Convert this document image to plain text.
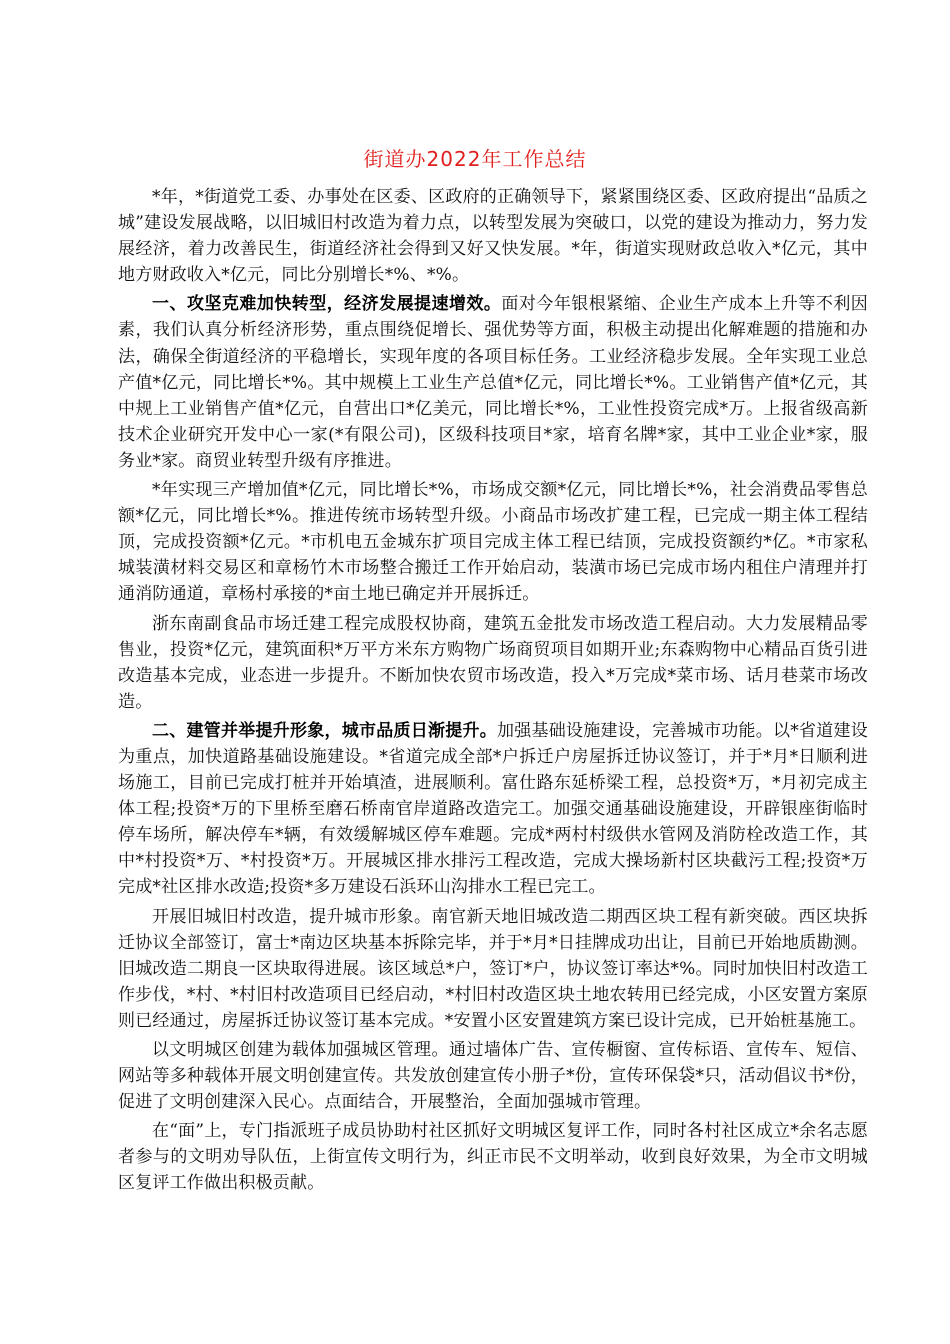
街道办2022年工作总结

*年，*街道党工委、办事处在区委、区政府的正确领导下，紧紧围绕区委、区政府提出“品质之城”建设发展战略，以旧城旧村改造为着力点，以转型发展为突破口，以党的建设为推动力，努力发展经济，着力改善民生，街道经济社会得到又好又快发展。*年，街道实现财政总收入*亿元，其中地方财政收入*亿元，同比分别增长*%、*%。

一、攻坚克难加快转型，经济发展提速增效。面对今年银根紧缩、企业生产成本上升等不利因素，我们认真分析经济形势，重点围绕促增长、强优势等方面，积极主动提出化解难题的措施和办法，确保全街道经济的平稳增长，实现年度的各项目标任务。工业经济稳步发展。全年实现工业总产值*亿元，同比增长*%。其中规模上工业生产总值*亿元，同比增长*%。工业销售产值*亿元，其中规上工业销售产值*亿元，自营出口*亿美元，同比增长*%，工业性投资完成*万。上报省级高新技术企业研究开发中心一家(*有限公司)，区级科技项目*家，培育名牌*家，其中工业企业*家，服务业*家。商贸业转型升级有序推进。

*年实现三产增加值*亿元，同比增长*%，市场成交额*亿元，同比增长*%，社会消费品零售总额*亿元，同比增长*%。推进传统市场转型升级。小商品市场改扩建工程，已完成一期主体工程结顶，完成投资额*亿元。*市机电五金城东扩项目完成主体工程已结顶，完成投资额约*亿。*市家私城装潢材料交易区和章杨竹木市场整合搬迁工作开始启动，装潢市场已完成市场内租住户清理并打通消防通道，章杨村承接的*亩土地已确定并开展拆迁。

浙东南副食品市场迁建工程完成股权协商，建筑五金批发市场改造工程启动。大力发展精品零售业，投资*亿元，建筑面积*万平方米东方购物广场商贸项目如期开业;东森购物中心精品百货引进改造基本完成，业态进一步提升。不断加快农贸市场改造，投入*万完成*菜市场、话月巷菜市场改造。

二、建管并举提升形象，城市品质日渐提升。加强基础设施建设，完善城市功能。以*省道建设为重点，加快道路基础设施建设。*省道完成全部*户拆迁户房屋拆迁协议签订，并于*月*日顺利进场施工，目前已完成打桩并开始填渣，进展顺利。富仕路东延桥梁工程，总投资*万，*月初完成主体工程;投资*万的下里桥至磨石桥南官岸道路改造完工。加强交通基础设施建设，开辟银座街临时停车场所，解决停车*辆，有效缓解城区停车难题。完成*两村村级供水管网及消防栓改造工作，其中*村投资*万、*村投资*万。开展城区排水排污工程改造，完成大操场新村区块截污工程;投资*万完成*社区排水改造;投资*多万建设石浜环山沟排水工程已完工。

开展旧城旧村改造，提升城市形象。南官新天地旧城改造二期西区块工程有新突破。西区块拆迁协议全部签订，富士*南边区块基本拆除完毕，并于*月*日挂牌成功出让，目前已开始地质勘测。旧城改造二期良一区块取得进展。该区域总*户，签订*户，协议签订率达*%。同时加快旧村改造工作步伐，*村、*村旧村改造项目已经启动，*村旧村改造区块土地农转用已经完成，小区安置方案原则已经通过，房屋拆迁协议签订基本完成。*安置小区安置建筑方案已设计完成，已开始桩基施工。

以文明城区创建为载体加强城区管理。通过墙体广告、宣传橱窗、宣传标语、宣传车、短信、网站等多种载体开展文明创建宣传。共发放创建宣传小册子*份，宣传环保袋*只，活动倡议书*份，促进了文明创建深入民心。点面结合，开展整治，全面加强城市管理。

在“面”上，专门指派班子成员协助村社区抓好文明城区复评工作，同时各村社区成立*余名志愿者参与的文明劝导队伍，上街宣传文明行为，纠正市民不文明举动，收到良好效果，为全市文明城区复评工作做出积极贡献。
